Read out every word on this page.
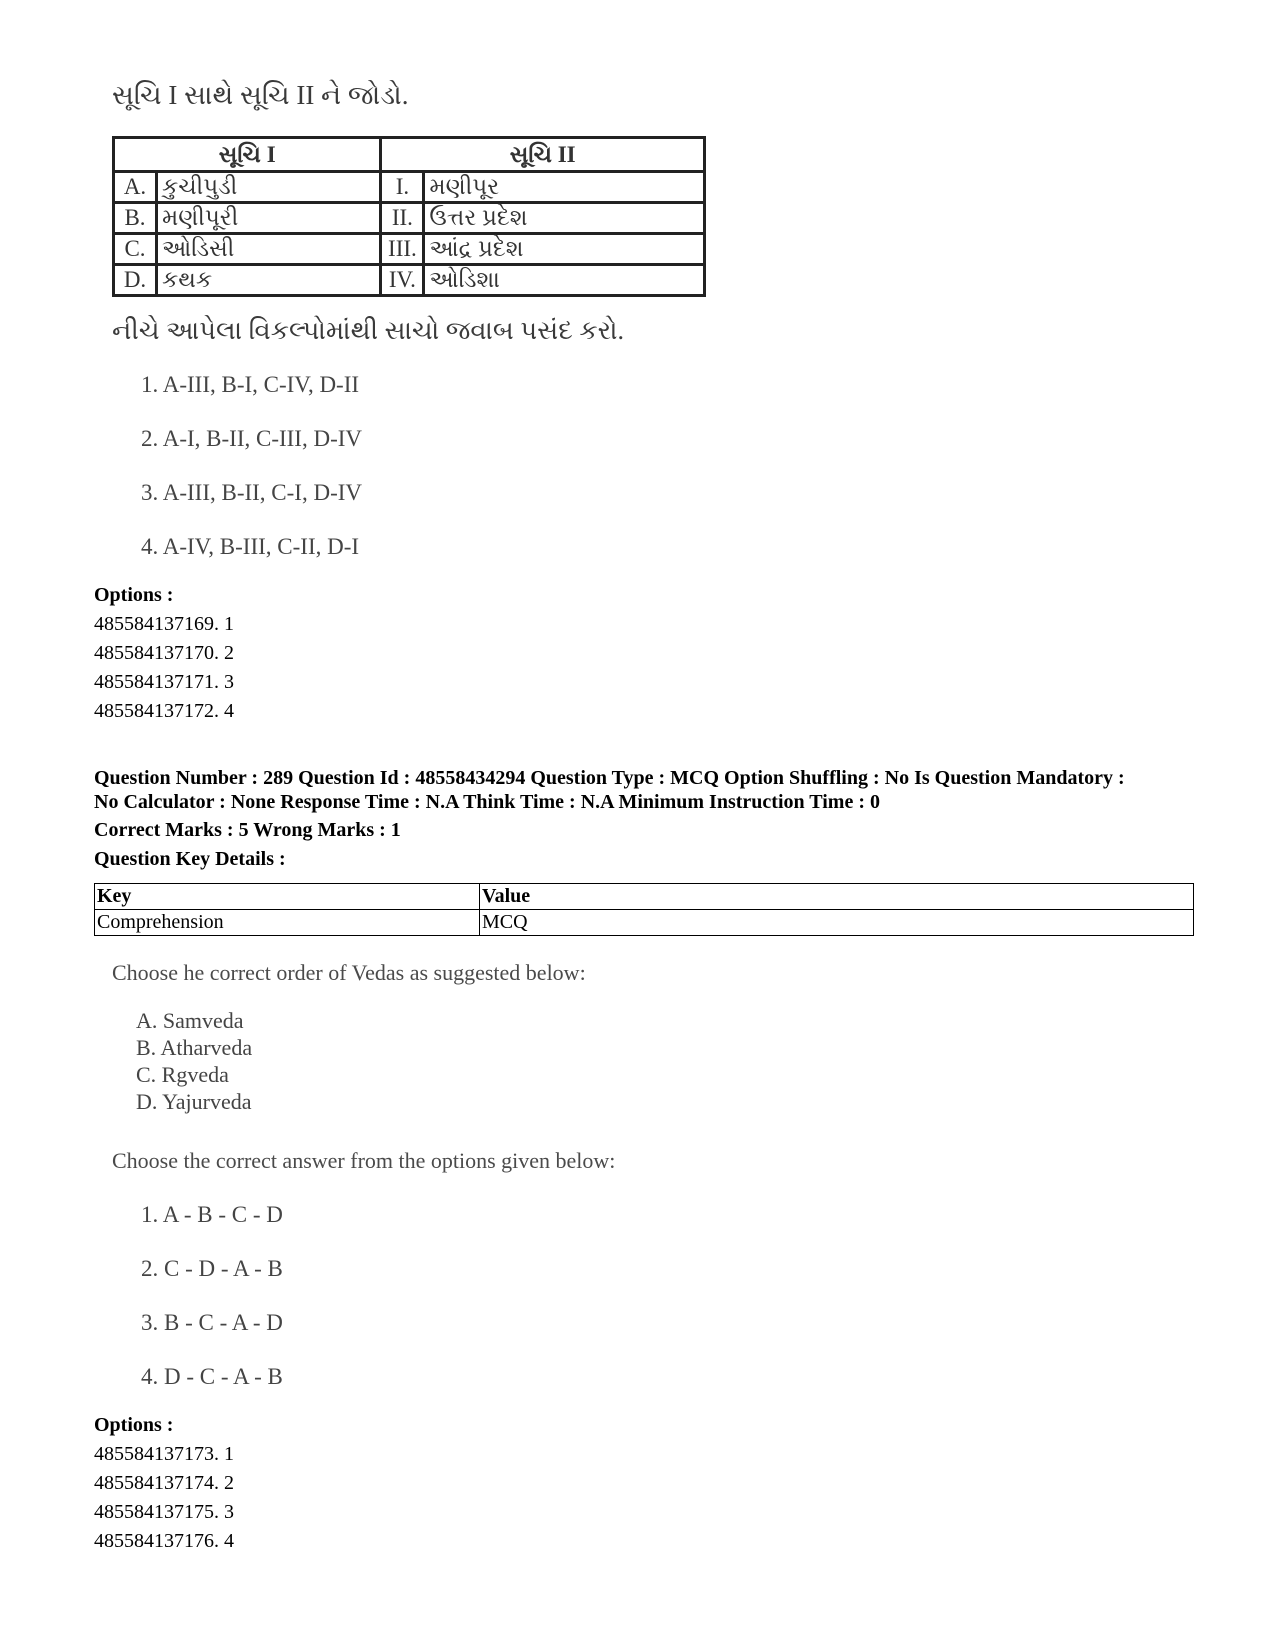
સૂચિ I સાથે સૂચિ II ને જોડો.
સૂચિ I		સૂચિ II	
A.	કુચીપુડી	I.	મણીપૂર
B.	મણીપૂરી	II.	ઉત્તર પ્રદેશ
C.	ઓડિસી	III.	આંદ્ર પ્રદેશ
D.	કથક	IV.	ઓડિશા
નીચે આપેલા વિકલ્પોમાંથી સાચો જવાબ પસંદ કરો.
1. A-III, B-I, C-IV, D-II
2. A-I, B-II, C-III, D-IV
3. A-III, B-II, C-I, D-IV
4. A-IV, B-III, C-II, D-I
Options :
485584137169. 1
485584137170. 2
485584137171. 3
485584137172. 4
Question Number : 289 Question Id : 48558434294 Question Type : MCQ Option Shuffling : No Is Question Mandatory :
No Calculator : None Response Time : N.A Think Time : N.A Minimum Instruction Time : 0
Correct Marks : 5 Wrong Marks : 1
Question Key Details :
Key	Value
Comprehension	MCQ
Choose he correct order of Vedas as suggested below:
A. Samveda
B. Atharveda
C. Rgveda
D. Yajurveda
Choose the correct answer from the options given below:
1. A - B - C - D
2. C - D - A - B
3. B - C - A - D
4. D - C - A - B
Options :
485584137173. 1
485584137174. 2
485584137175. 3
485584137176. 4
